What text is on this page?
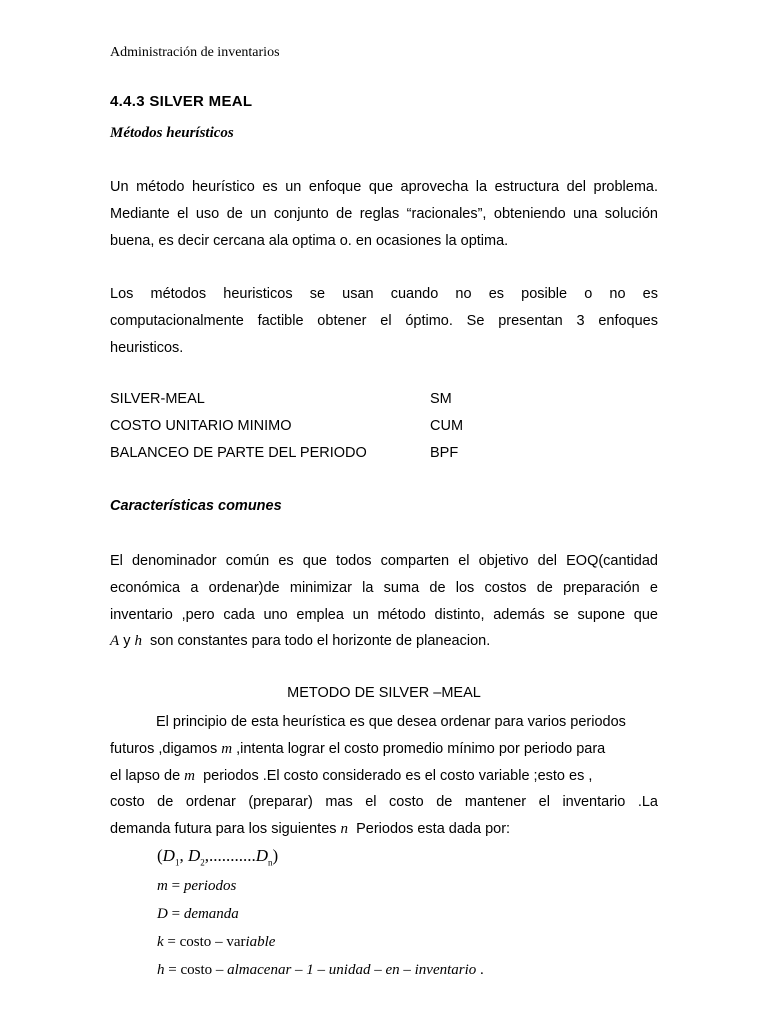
Administración de inventarios
4.4.3 SILVER MEAL
Métodos heurísticos
Un método heurístico es un enfoque que aprovecha la estructura del problema.
Mediante el uso de un conjunto de reglas “racionales”, obteniendo una solución
buena, es decir cercana ala optima o. en ocasiones la optima.
Los métodos heuristicos se usan cuando no es posible o no es
computacionalmente factible obtener el óptimo. Se presentan 3 enfoques
heuristicos.
SILVER-MEAL	SM
COSTO UNITARIO MINIMO	CUM
BALANCEO DE PARTE DEL PERIODO	BPF
Características comunes
El denominador común es que todos comparten el objetivo del EOQ(cantidad
económica a ordenar)de minimizar la suma de los costos de preparación e
inventario ,pero cada uno emplea un método distinto, además se supone que
A y h son constantes para todo el horizonte de planeacion.
METODO DE SILVER –MEAL
El principio de esta heurística es que desea ordenar para varios periodos
futuros ,digamos m ,intenta lograr el costo promedio mínimo por periodo para
el lapso de m periodos .El costo considerado es el costo variable ;esto es ,
costo de ordenar (preparar) mas el costo de mantener el inventario .La
demanda futura para los siguientes n Periodos esta dada por:
($D_1$, $D_2,...........D_n$)
m = periodos
D = demanda
k = costo – variable
h = costo – almacenar – 1 – unidad – en – inventario .
